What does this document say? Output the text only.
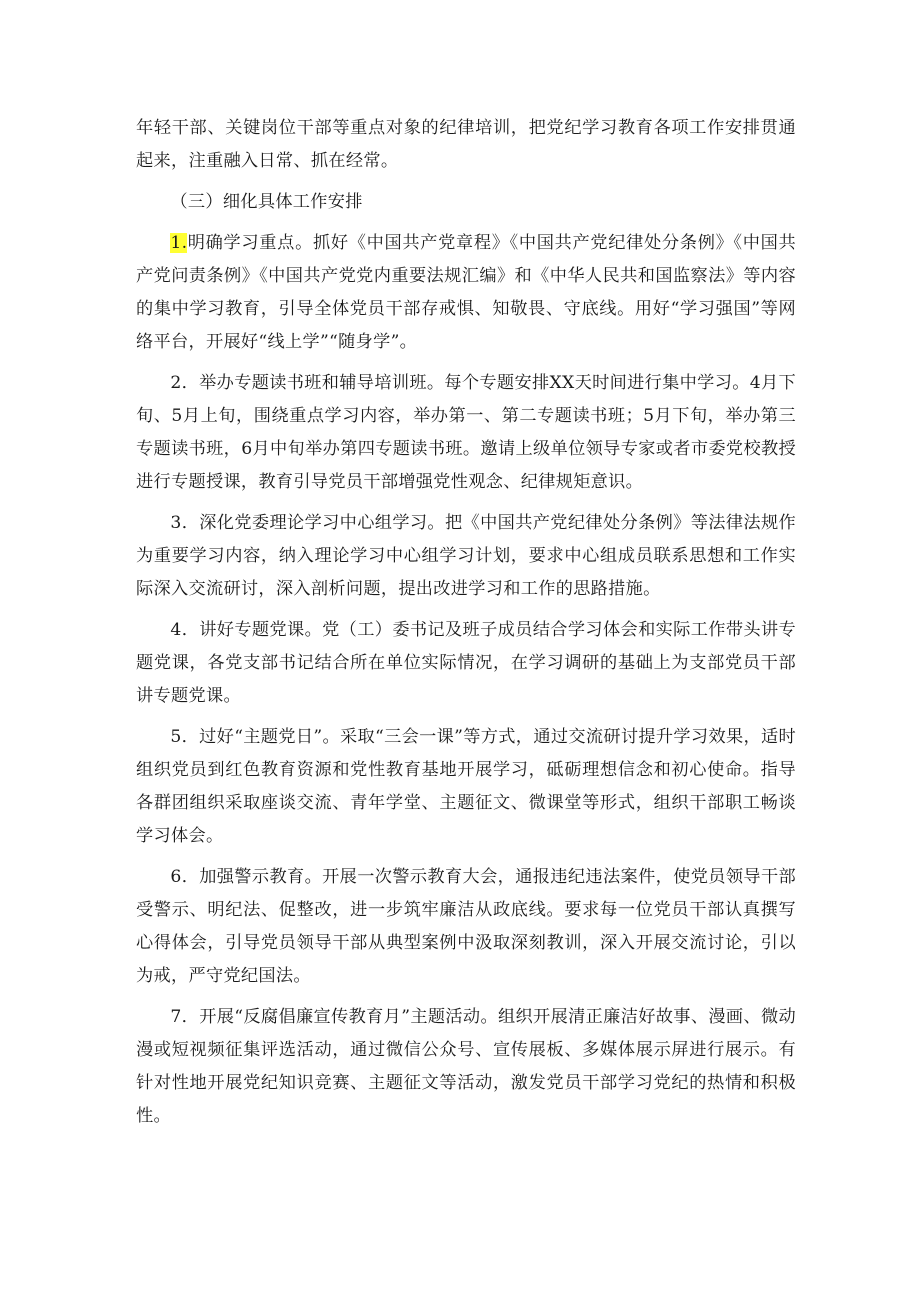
年轻干部、关键岗位干部等重点对象的纪律培训，把党纪学习教育各项工作安排贯通起来，注重融入日常、抓在经常。

（三）细化具体工作安排

1.明确学习重点。抓好《中国共产党章程》《中国共产党纪律处分条例》《中国共产党问责条例》《中国共产党党内重要法规汇编》和《中华人民共和国监察法》等内容的集中学习教育，引导全体党员干部存戒惧、知敬畏、守底线。用好“学习强国”等网络平台，开展好“线上学”“随身学”。

2．举办专题读书班和辅导培训班。每个专题安排XX天时间进行集中学习。4月下旬、5月上旬，围绕重点学习内容，举办第一、第二专题读书班；5月下旬，举办第三专题读书班，6月中旬举办第四专题读书班。邀请上级单位领导专家或者市委党校教授进行专题授课，教育引导党员干部增强党性观念、纪律规矩意识。

3．深化党委理论学习中心组学习。把《中国共产党纪律处分条例》等法律法规作为重要学习内容，纳入理论学习中心组学习计划，要求中心组成员联系思想和工作实际深入交流研讨，深入剖析问题，提出改进学习和工作的思路措施。

4．讲好专题党课。党（工）委书记及班子成员结合学习体会和实际工作带头讲专题党课，各党支部书记结合所在单位实际情况，在学习调研的基础上为支部党员干部讲专题党课。

5．过好“主题党日”。采取“三会一课”等方式，通过交流研讨提升学习效果，适时组织党员到红色教育资源和党性教育基地开展学习，砥砺理想信念和初心使命。指导各群团组织采取座谈交流、青年学堂、主题征文、微课堂等形式，组织干部职工畅谈学习体会。

6．加强警示教育。开展一次警示教育大会，通报违纪违法案件，使党员领导干部受警示、明纪法、促整改，进一步筑牢廉洁从政底线。要求每一位党员干部认真撰写心得体会，引导党员领导干部从典型案例中汲取深刻教训，深入开展交流讨论，引以为戒，严守党纪国法。

7．开展“反腐倡廉宣传教育月”主题活动。组织开展清正廉洁好故事、漫画、微动漫或短视频征集评选活动，通过微信公众号、宣传展板、多媒体展示屏进行展示。有针对性地开展党纪知识竞赛、主题征文等活动，激发党员干部学习党纪的热情和积极性。
